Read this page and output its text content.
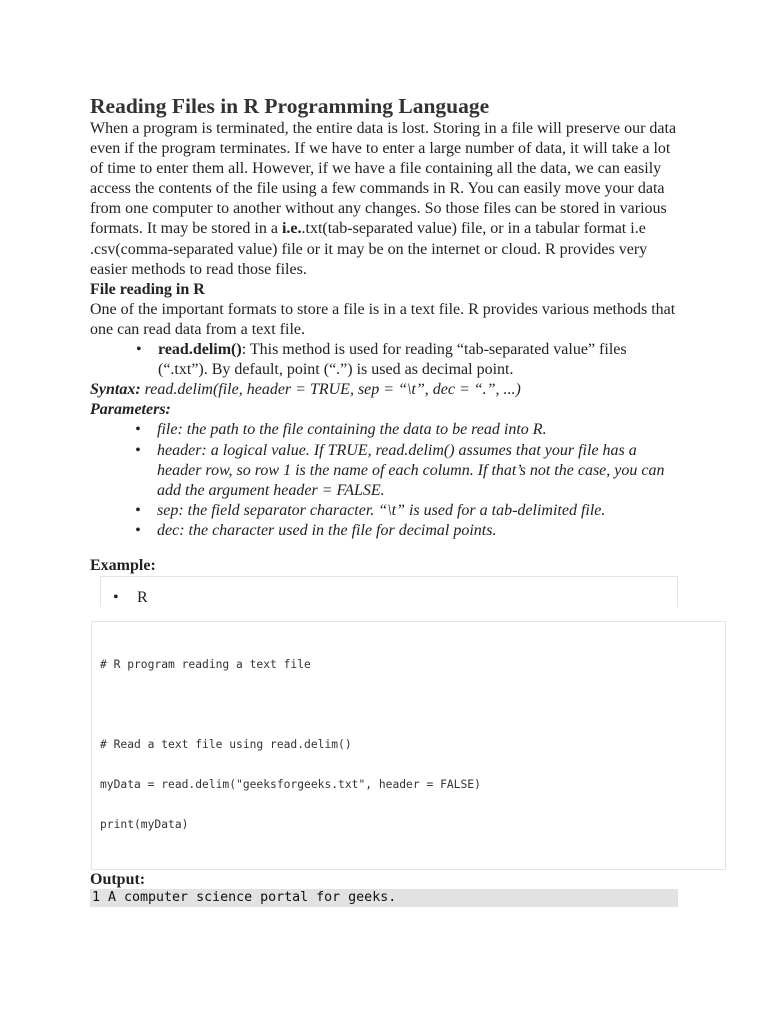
Reading Files in R Programming Language

When a program is terminated, the entire data is lost. Storing in a file will preserve our data even if the program terminates. If we have to enter a large number of data, it will take a lot of time to enter them all. However, if we have a file containing all the data, we can easily access the contents of the file using a few commands in R. You can easily move your data from one computer to another without any changes. So those files can be stored in various formats. It may be stored in a i.e..txt(tab-separated value) file, or in a tabular format i.e .csv(comma-separated value) file or it may be on the internet or cloud. R provides very easier methods to read those files.

File reading in R

One of the important formats to store a file is in a text file. R provides various methods that one can read data from a text file.

• read.delim(): This method is used for reading “tab-separated value” files (“.txt”). By default, point (“.”) is used as decimal point.
Syntax: read.delim(file, header = TRUE, sep = “\t”, dec = “.”, ...)
Parameters:
• file: the path to the file containing the data to be read into R.
• header: a logical value. If TRUE, read.delim() assumes that your file has a header row, so row 1 is the name of each column. If that’s not the case, you can add the argument header = FALSE.
• sep: the field separator character. “\t” is used for a tab-delimited file.
• dec: the character used in the file for decimal points.
Example:
• R
# R program reading a text file
# Read a text file using read.delim()
myData = read.delim("geeksforgeeks.txt", header = FALSE)
print(myData)
Output:
1 A computer science portal for geeks.
